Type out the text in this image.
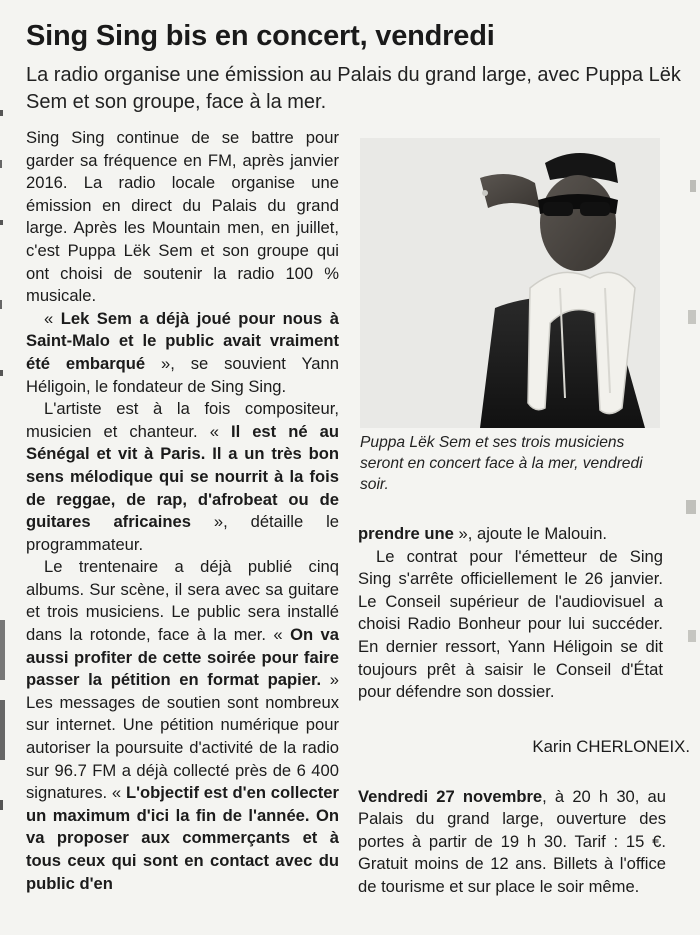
Sing Sing bis en concert, vendredi

La radio organise une émission au Palais du grand large, avec Puppa Lëk Sem et son groupe, face à la mer.

Sing Sing continue de se battre pour garder sa fréquence en FM, après janvier 2016. La radio locale organise une émission en direct du Palais du grand large. Après les Mountain men, en juillet, c'est Puppa Lëk Sem et son groupe qui ont choisi de soutenir la radio 100 % musicale.

« Lek Sem a déjà joué pour nous à Saint-Malo et le public avait vraiment été embarqué », se souvient Yann Héligoin, le fondateur de Sing Sing.

L'artiste est à la fois compositeur, musicien et chanteur. « Il est né au Sénégal et vit à Paris. Il a un très bon sens mélodique qui se nourrit à la fois de reggae, de rap, d'afrobeat ou de guitares africaines », détaille le programmateur.

Le trentenaire a déjà publié cinq albums. Sur scène, il sera avec sa guitare et trois musiciens. Le public sera installé dans la rotonde, face à la mer. « On va aussi profiter de cette soirée pour faire passer la pétition en format papier. » Les messages de soutien sont nombreux sur internet. Une pétition numérique pour autoriser la poursuite d'activité de la radio sur 96.7 FM a déjà collecté près de 6 400 signatures. « L'objectif est d'en collecter un maximum d'ici la fin de l'année. On va proposer aux commerçants et à tous ceux qui sont en contact avec du public d'en

Puppa Lëk Sem et ses trois musiciens seront en concert face à la mer, vendredi soir.

prendre une », ajoute le Malouin.

Le contrat pour l'émetteur de Sing Sing s'arrête officiellement le 26 janvier. Le Conseil supérieur de l'audiovisuel a choisi Radio Bonheur pour lui succéder. En dernier ressort, Yann Héligoin se dit toujours prêt à saisir le Conseil d'État pour défendre son dossier.

Karin CHERLONEIX.

Vendredi 27 novembre, à 20 h 30, au Palais du grand large, ouverture des portes à partir de 19 h 30. Tarif : 15 €. Gratuit moins de 12 ans. Billets à l'office de tourisme et sur place le soir même.
